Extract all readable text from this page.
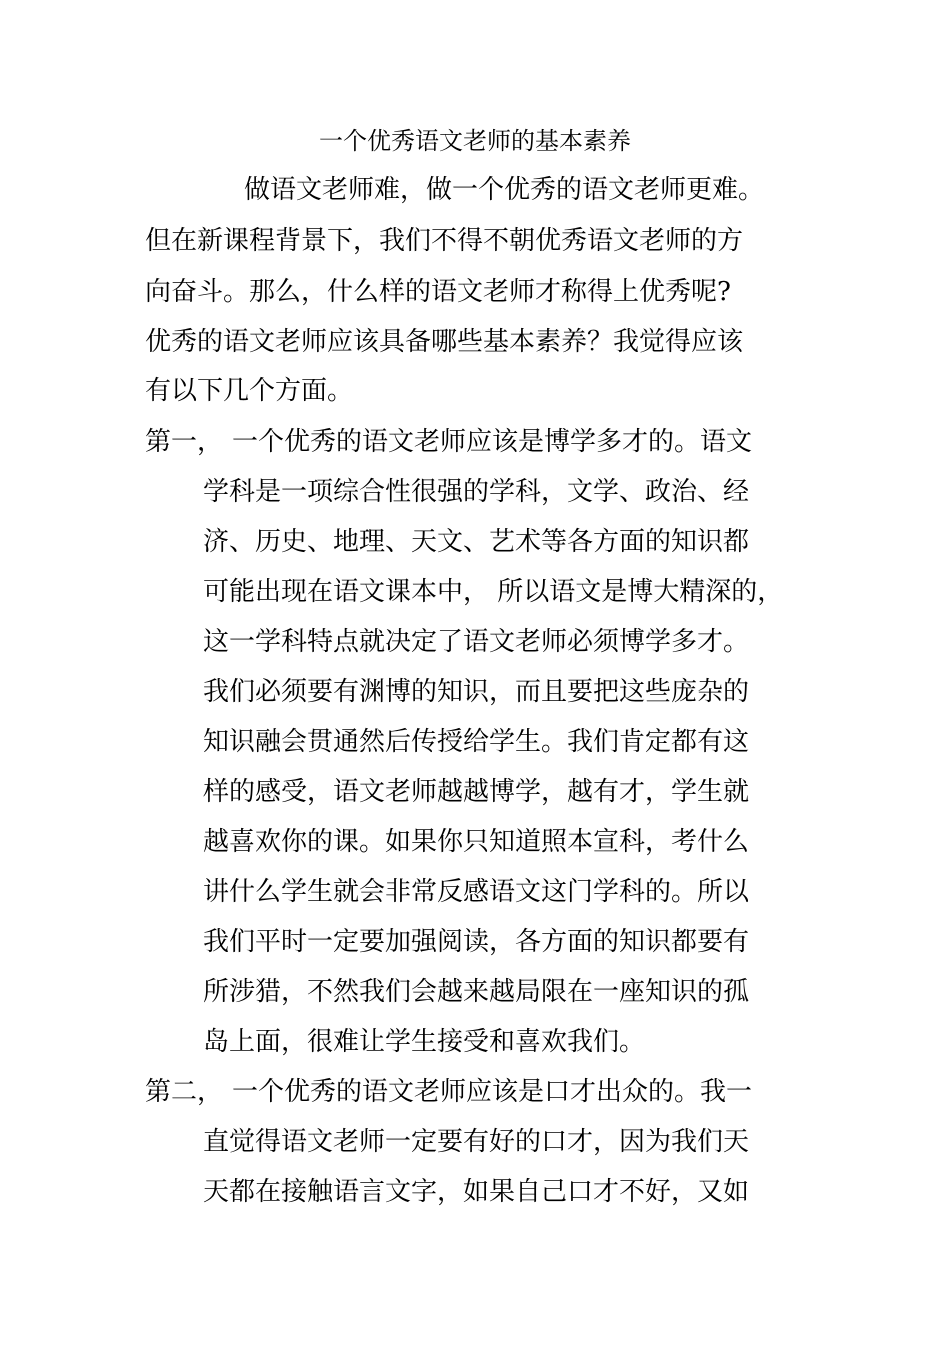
一个优秀语文老师的基本素养
做语文老师难，做一个优秀的语文老师更难。
但在新课程背景下，我们不得不朝优秀语文老师的方
向奋斗。那么，什么样的语文老师才称得上优秀呢?
优秀的语文老师应该具备哪些基本素养？我觉得应该
有以下几个方面。
第一， 一个优秀的语文老师应该是博学多才的。语文
学科是一项综合性很强的学科，文学、政治、经
济、历史、地理、天文、艺术等各方面的知识都
可能出现在语文课本中， 所以语文是博大精深的，
这一学科特点就决定了语文老师必须博学多才。
我们必须要有渊博的知识，而且要把这些庞杂的
知识融会贯通然后传授给学生。我们肯定都有这
样的感受，语文老师越越博学，越有才，学生就
越喜欢你的课。如果你只知道照本宣科，考什么
讲什么学生就会非常反感语文这门学科的。所以
我们平时一定要加强阅读，各方面的知识都要有
所涉猎，不然我们会越来越局限在一座知识的孤
岛上面，很难让学生接受和喜欢我们。
第二， 一个优秀的语文老师应该是口才出众的。我一
直觉得语文老师一定要有好的口才，因为我们天
天都在接触语言文字，如果自己口才不好，又如
